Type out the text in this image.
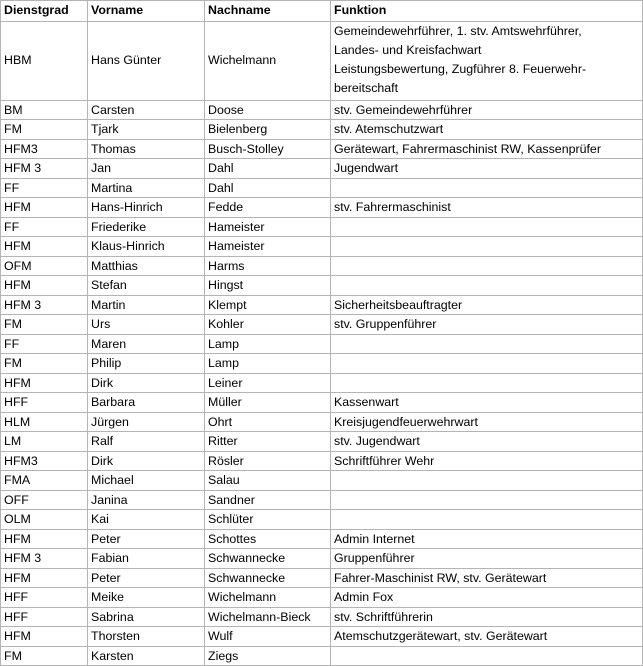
Dienstgrad	Vorname	Nachname	Funktion
HBM	Hans Günter	Wichelmann	Gemeindewehrführer, 1. stv. Amtswehrführer,
Landes- und Kreisfachwart
Leistungsbewertung, Zugführer 8. Feuerwehr-
bereitschaft

BM	Carsten	Doose	stv. Gemeindewehrführer
FM	Tjark	Bielenberg	stv. Atemschutzwart
HFM3	Thomas	Busch-Stolley	Gerätewart, Fahrermaschinist RW, Kassenprüfer
HFM 3	Jan	Dahl	Jugendwart
FF	Martina	Dahl	
HFM	Hans-Hinrich	Fedde	stv. Fahrermaschinist
FF	Friederike	Hameister	
HFM	Klaus-Hinrich	Hameister	
OFM	Matthias	Harms	
HFM	Stefan	Hingst	
HFM 3	Martin	Klempt	Sicherheitsbeauftragter
FM	Urs	Kohler	stv. Gruppenführer
FF	Maren	Lamp	
FM	Philip	Lamp	
HFM	Dirk	Leiner	
HFF	Barbara	Müller	Kassenwart
HLM	Jürgen	Ohrt	Kreisjugendfeuerwehrwart
LM	Ralf	Ritter	stv. Jugendwart
HFM3	Dirk	Rösler	Schriftführer Wehr
FMA	Michael	Salau	
OFF	Janina	Sandner	
OLM	Kai	Schlüter	
HFM	Peter	Schottes	Admin Internet
HFM 3	Fabian	Schwannecke	Gruppenführer
HFM	Peter	Schwannecke	Fahrer-Maschinist RW, stv. Gerätewart
HFF	Meike	Wichelmann	Admin Fox
HFF	Sabrina	Wichelmann-Bieck	stv. Schriftführerin
HFM	Thorsten	Wulf	Atemschutzgerätewart, stv. Gerätewart
FM	Karsten	Ziegs	
